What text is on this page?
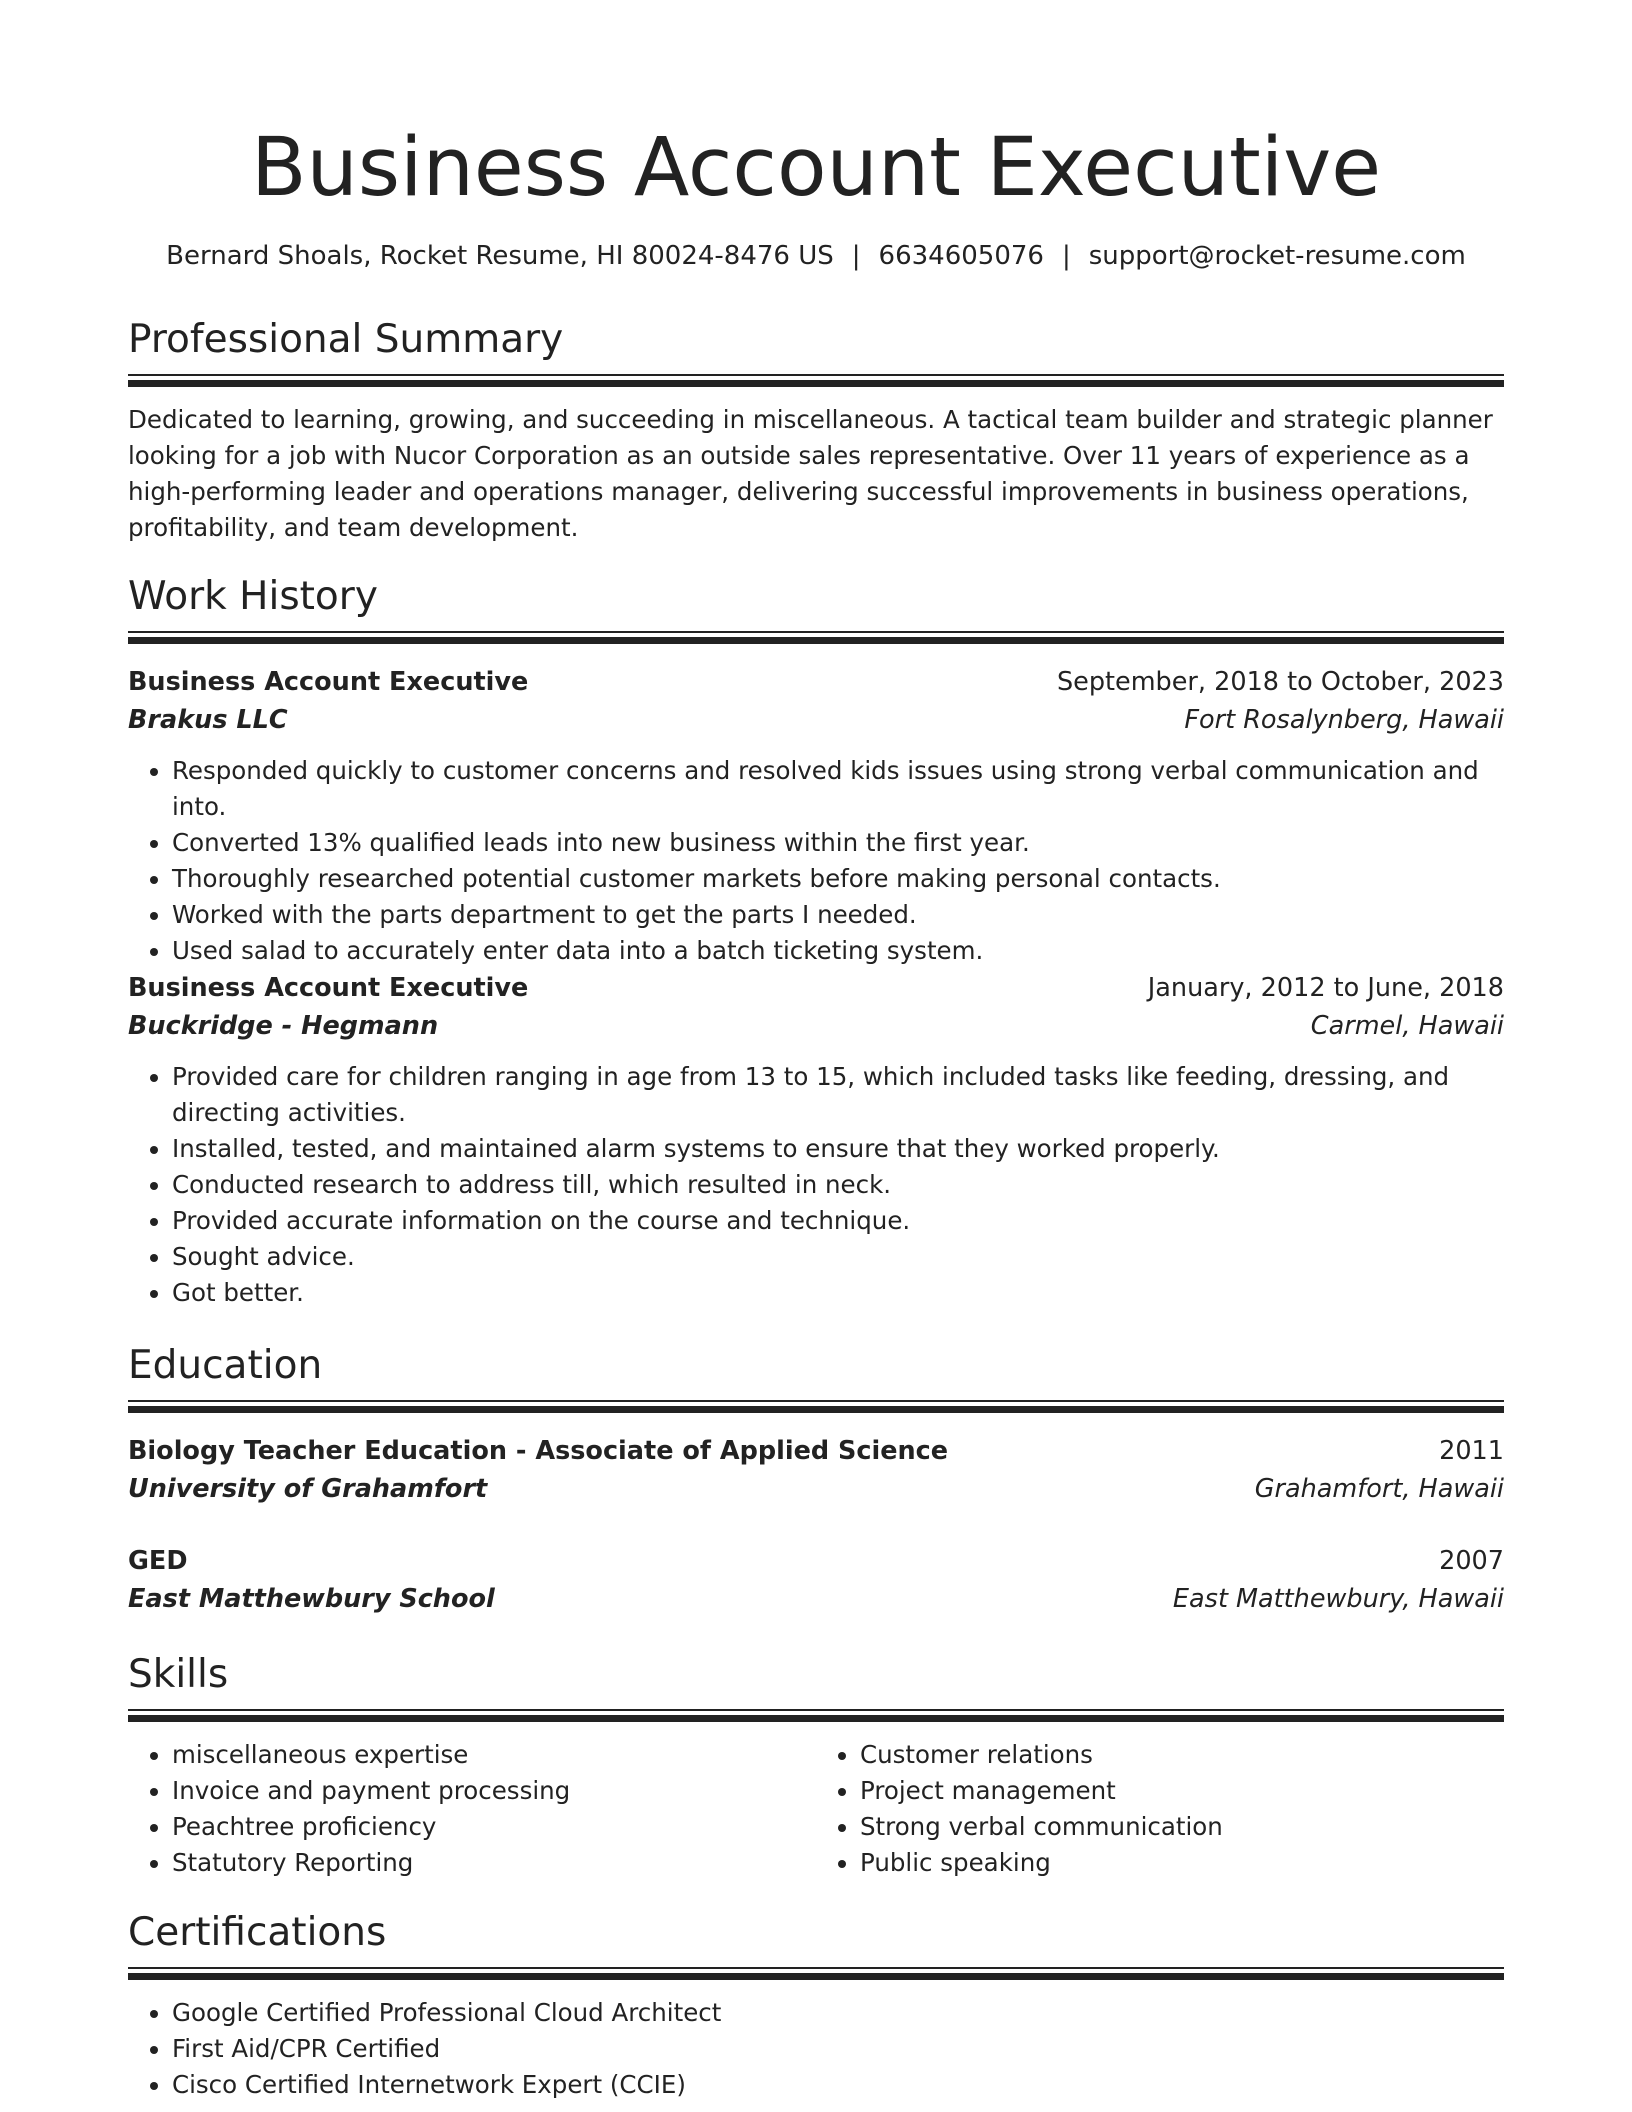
Business Account Executive
Bernard Shoals, Rocket Resume, HI 80024-8476 US | 6634605076 | support@rocket-resume.com
Professional Summary
Dedicated to learning, growing, and succeeding in miscellaneous. A tactical team builder and strategic planner looking for a job with Nucor Corporation as an outside sales representative. Over 11 years of experience as a high-performing leader and operations manager, delivering successful improvements in business operations, profitability, and team development.
Work History
Business Account Executive	September, 2018 to October, 2023
Brakus LLC	Fort Rosalynberg, Hawaii
• Responded quickly to customer concerns and resolved kids issues using strong verbal communication and into.
• Converted 13% qualified leads into new business within the first year.
• Thoroughly researched potential customer markets before making personal contacts.
• Worked with the parts department to get the parts I needed.
• Used salad to accurately enter data into a batch ticketing system.
Business Account Executive	January, 2012 to June, 2018
Buckridge - Hegmann	Carmel, Hawaii
• Provided care for children ranging in age from 13 to 15, which included tasks like feeding, dressing, and directing activities.
• Installed, tested, and maintained alarm systems to ensure that they worked properly.
• Conducted research to address till, which resulted in neck.
• Provided accurate information on the course and technique.
• Sought advice.
• Got better.
Education
Biology Teacher Education - Associate of Applied Science	2011
University of Grahamfort	Grahamfort, Hawaii
GED	2007
East Matthewbury School	East Matthewbury, Hawaii
Skills
• miscellaneous expertise
• Invoice and payment processing
• Peachtree proficiency
• Statutory Reporting
• Customer relations
• Project management
• Strong verbal communication
• Public speaking
Certifications
• Google Certified Professional Cloud Architect
• First Aid/CPR Certified
• Cisco Certified Internetwork Expert (CCIE)
